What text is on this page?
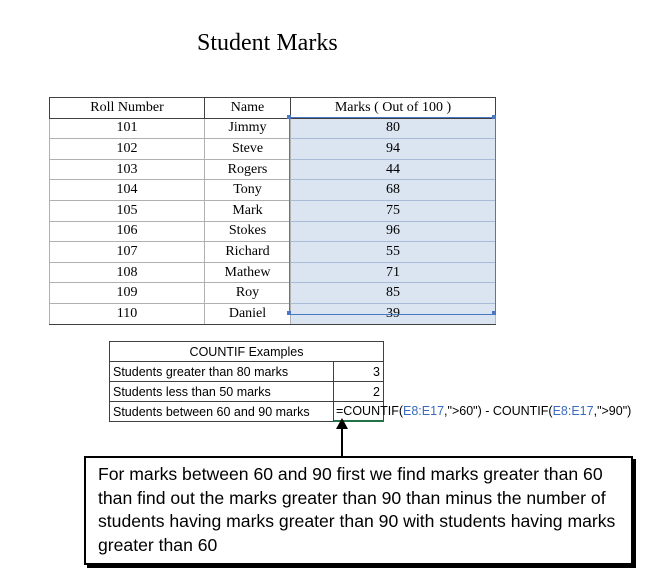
Student Marks
Roll Number	Name	Marks ( Out of 100 )
101	Jimmy	80
102	Steve	94
103	Rogers	44
104	Tony	68
105	Mark	75
106	Stokes	96
107	Richard	55
108	Mathew	71
109	Roy	85
110	Daniel	39
COUNTIF Examples	
Students greater than 80 marks	3
Students less than 50 marks	2
Students between 60 and 90 marks	=COUNTIF(E8:E17,">60") - COUNTIF(E8:E17,">90")
For marks between 60 and 90 first we find marks greater than 60 than find out the marks greater than 90 than minus the number of students having marks greater than 90 with students having marks greater than 60
